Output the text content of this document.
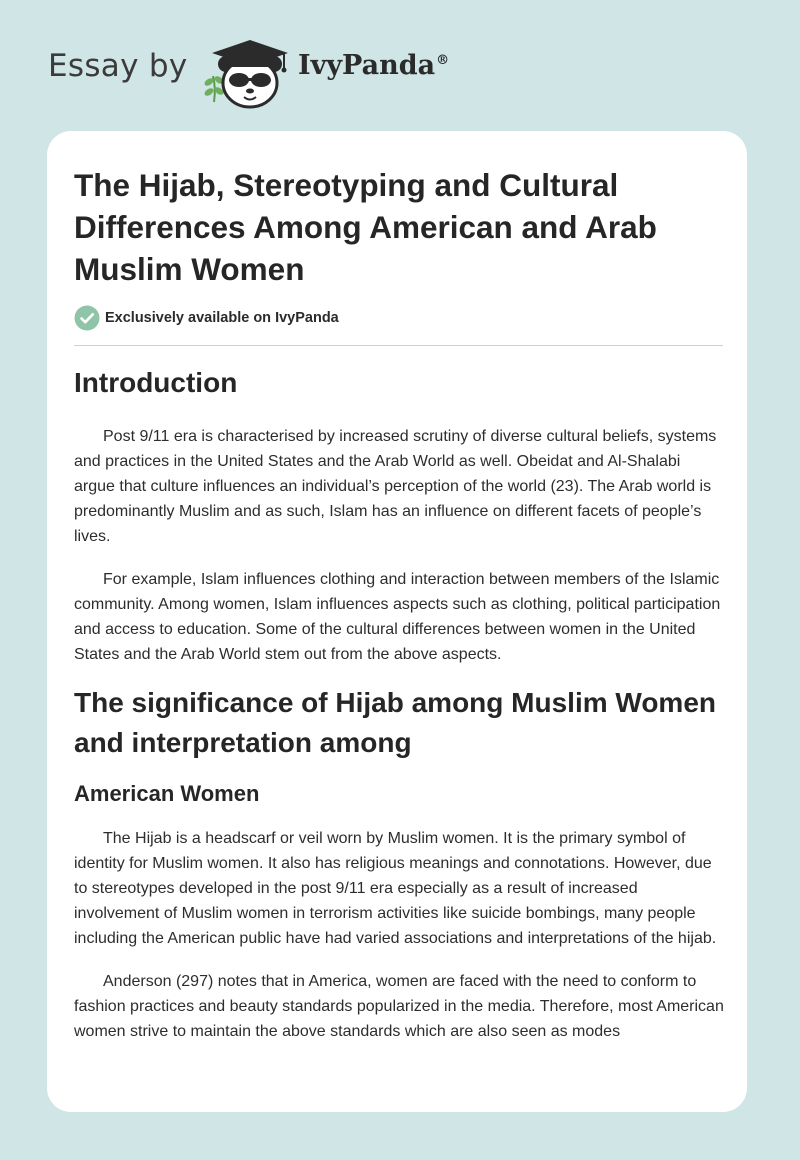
Essay by	IvyPanda®
The Hijab, Stereotyping and Cultural Differences Among American and Arab Muslim Women
Exclusively available on IvyPanda
Introduction

Post 9/11 era is characterised by increased scrutiny of diverse cultural beliefs, systems and practices in the United States and the Arab World as well. Obeidat and Al-Shalabi argue that culture influences an individual’s perception of the world (23). The Arab world is predominantly Muslim and as such, Islam has an influence on different facets of people’s lives.

For example, Islam influences clothing and interaction between members of the Islamic community. Among women, Islam influences aspects such as clothing, political participation and access to education. Some of the cultural differences between women in the United States and the Arab World stem out from the above aspects.

The significance of Hijab among Muslim Women and interpretation among
American Women

The Hijab is a headscarf or veil worn by Muslim women. It is the primary symbol of identity for Muslim women. It also has religious meanings and connotations. However, due to stereotypes developed in the post 9/11 era especially as a result of increased involvement of Muslim women in terrorism activities like suicide bombings, many people including the American public have had varied associations and interpretations of the hijab.

Anderson (297) notes that in America, women are faced with the need to conform to fashion practices and beauty standards popularized in the media. Therefore, most American women strive to maintain the above standards which are also seen as modes
